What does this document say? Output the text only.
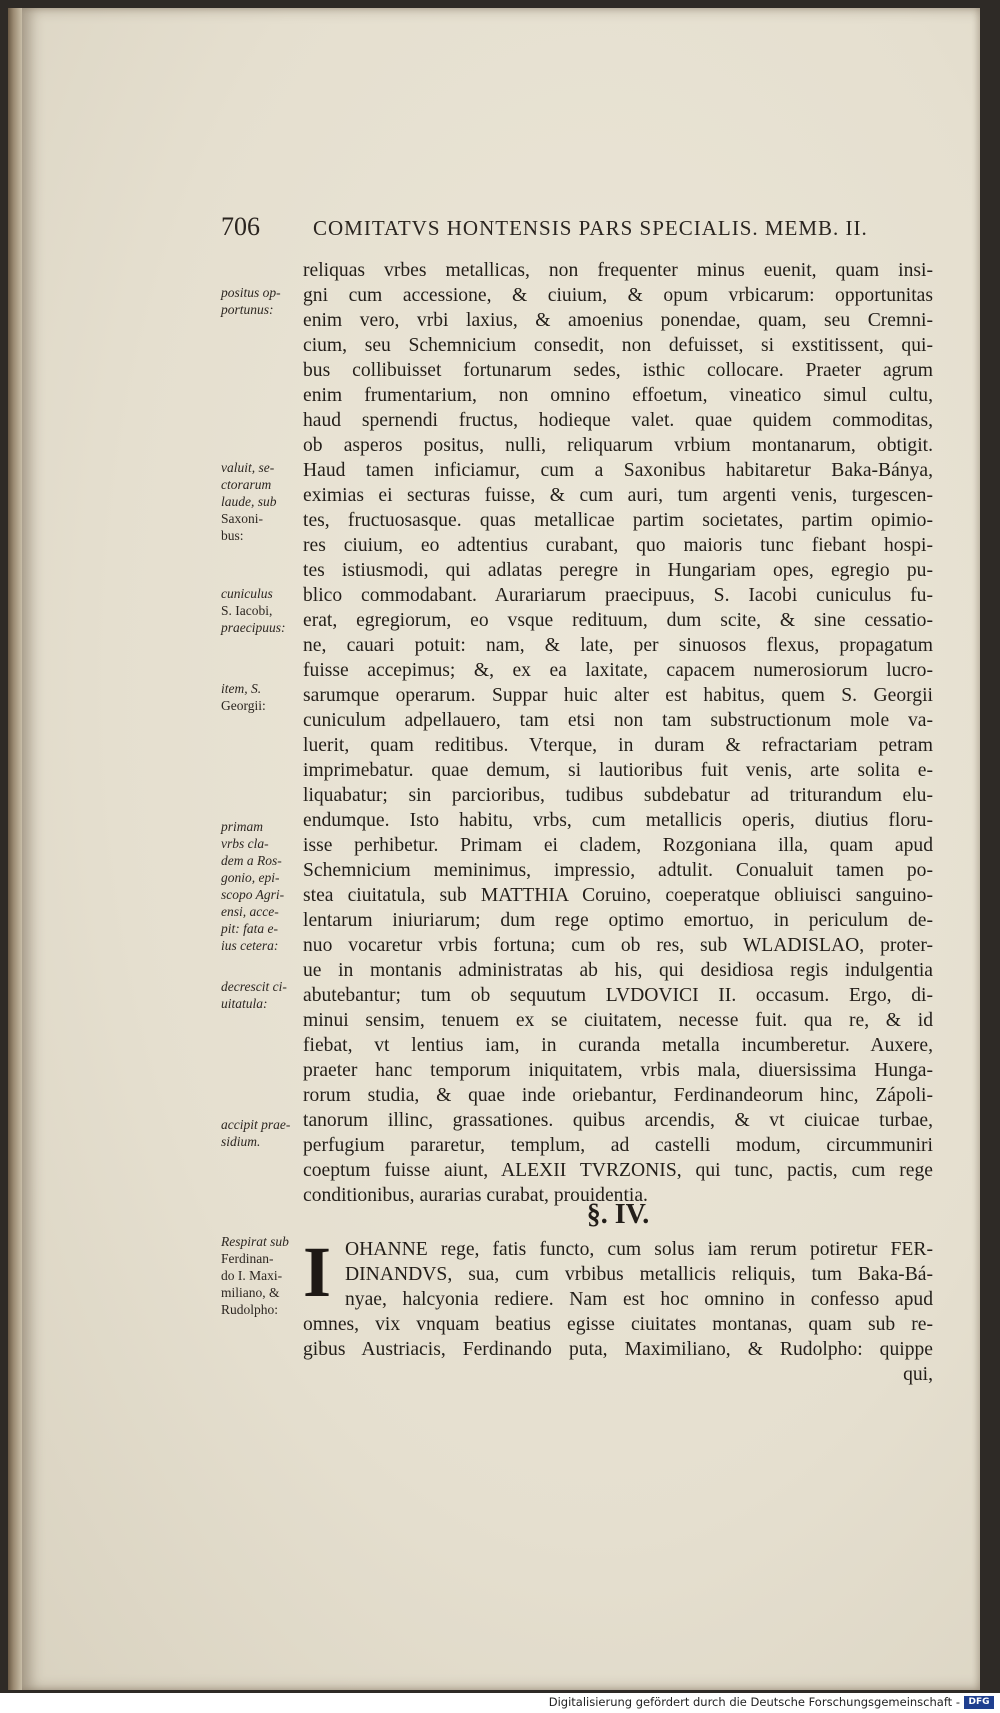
706	COMITATVS HONTENSIS PARS SPECIALIS. MEMB. II.
positus op-
portunus:
valuit, se-
ctorarum
laude, sub
Saxoni-
bus:
cuniculus
S. Iacobi,
praecipuus:
item, S.
Georgii:
primam
vrbs cla-
dem a Ros-
gonio, epi-
scopo Agri-
ensi, acce-
pit: fata e-
ius cetera:
decrescit ci-
uitatula:
accipit prae-
sidium.
Respirat sub
Ferdinan-
do I. Maxi-
miliano, &
Rudolpho:
reliquas vrbes metallicas, non frequenter minus euenit, quam insi-
gni cum accessione, & ciuium, & opum vrbicarum: opportunitas
enim vero, vrbi laxius, & amoenius ponendae, quam, seu Cremni-
cium, seu Schemnicium consedit, non defuisset, si exstitissent, qui-
bus collibuisset fortunarum sedes, isthic collocare. Praeter agrum
enim frumentarium, non omnino effoetum, vineatico simul cultu,
haud spernendi fructus, hodieque valet. quae quidem commoditas,
ob asperos positus, nulli, reliquarum vrbium montanarum, obtigit.
Haud tamen inficiamur, cum a Saxonibus habitaretur Baka-Bánya,
eximias ei secturas fuisse, & cum auri, tum argenti venis, turgescen-
tes, fructuosasque. quas metallicae partim societates, partim opimio-
res ciuium, eo adtentius curabant, quo maioris tunc fiebant hospi-
tes istiusmodi, qui adlatas peregre in Hungariam opes, egregio pu-
blico commodabant. Aurariarum praecipuus, S. Iacobi cuniculus fu-
erat, egregiorum, eo vsque redituum, dum scite, & sine cessatio-
ne, cauari potuit: nam, & late, per sinuosos flexus, propagatum
fuisse accepimus; &, ex ea laxitate, capacem numerosiorum lucro-
sarumque operarum. Suppar huic alter est habitus, quem S. Georgii
cuniculum adpellauero, tam etsi non tam substructionum mole va-
luerit, quam reditibus. Vterque, in duram & refractariam petram
imprimebatur. quae demum, si lautioribus fuit venis, arte solita e-
liquabatur; sin parcioribus, tudibus subdebatur ad triturandum elu-
endumque. Isto habitu, vrbs, cum metallicis operis, diutius floru-
isse perhibetur. Primam ei cladem, Rozgoniana illa, quam apud
Schemnicium meminimus, impressio, adtulit. Conualuit tamen po-
stea ciuitatula, sub MATTHIA Coruino, coeperatque obliuisci sanguino-
lentarum iniuriarum; dum rege optimo emortuo, in periculum de-
nuo vocaretur vrbis fortuna; cum ob res, sub WLADISLAO, proter-
ue in montanis administratas ab his, qui desidiosa regis indulgentia
abutebantur; tum ob sequutum LVDOVICI II. occasum. Ergo, di-
minui sensim, tenuem ex se ciuitatem, necesse fuit. qua re, & id
fiebat, vt lentius iam, in curanda metalla incumberetur. Auxere,
praeter hanc temporum iniquitatem, vrbis mala, diuersissima Hunga-
rorum studia, & quae inde oriebantur, Ferdinandeorum hinc, Zápoli-
tanorum illinc, grassationes. quibus arcendis, & vt ciuicae turbae,
perfugium pararetur, templum, ad castelli modum, circummuniri
coeptum fuisse aiunt, ALEXII TVRZONIS, qui tunc, pactis, cum rege
conditionibus, aurarias curabat, prouidentia.
§. IV.
I OHANNE rege, fatis functo, cum solus iam rerum potiretur FER-
DINANDVS, sua, cum vrbibus metallicis reliquis, tum Baka-Bá-
nyae, halcyonia rediere. Nam est hoc omnino in confesso apud
omnes, vix vnquam beatius egisse ciuitates montanas, quam sub re-
gibus Austriacis, Ferdinando puta, Maximiliano, & Rudolpho: quippe
qui,
Digitalisierung gefördert durch die Deutsche Forschungsgemeinschaft - DFG
